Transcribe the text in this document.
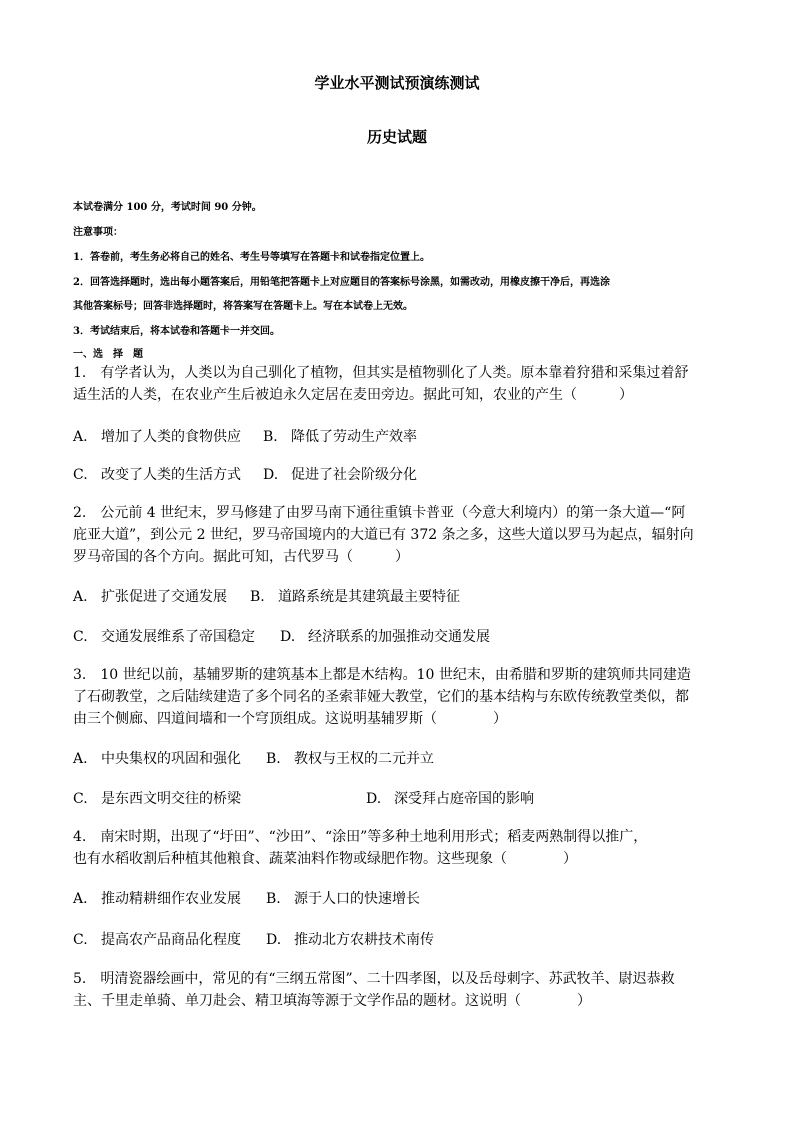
学业水平测试预演练测试
历史试题
本试卷满分 100 分，考试时间 90 分钟。
注意事项：
1．答卷前，考生务必将自己的姓名、考生号等填写在答题卡和试卷指定位置上。
2．回答选择题时，选出每小题答案后，用铅笔把答题卡上对应题目的答案标号涂黑，如需改动，用橡皮擦干净后，再选涂
其他答案标号；回答非选择题时，将答案写在答题卡上。写在本试卷上无效。
3．考试结束后，将本试卷和答题卡一并交回。
一、选　择　题
1.　有学者认为，人类以为自己驯化了植物，但其实是植物驯化了人类。原本靠着狩猎和采集过着舒
适生活的人类，在农业产生后被迫永久定居在麦田旁边。据此可知，农业的产生（　　　）
A. 增加了人类的食物供应 B. 降低了劳动生产效率
C. 改变了人类的生活方式 D. 促进了社会阶级分化
2.　公元前 4 世纪末，罗马修建了由罗马南下通往重镇卡普亚（今意大利境内）的第一条大道—“阿
庇亚大道”，到公元 2 世纪，罗马帝国境内的大道已有 372 条之多，这些大道以罗马为起点，辐射向
罗马帝国的各个方向。据此可知，古代罗马（　　　）
A. 扩张促进了交通发展 B. 道路系统是其建筑最主要特征
C. 交通发展维系了帝国稳定 D. 经济联系的加强推动交通发展
3.　10 世纪以前，基辅罗斯的建筑基本上都是木结构。10 世纪末，由希腊和罗斯的建筑师共同建造
了石砌教堂，之后陆续建造了多个同名的圣索菲娅大教堂，它们的基本结构与东欧传统教堂类似，都
由三个侧廊、四道间墙和一个穹顶组成。这说明基辅罗斯（　　　　）
A. 中央集权的巩固和强化 B. 教权与王权的二元并立
C. 是东西文明交往的桥梁	D. 深受拜占庭帝国的影响
4.　南宋时期，出现了“圩田”、“沙田”、“涂田”等多种土地利用形式；稻麦两熟制得以推广，
也有水稻收割后种植其他粮食、蔬菜油料作物或绿肥作物。这些现象（　　　　）
A. 推动精耕细作农业发展 B. 源于人口的快速增长
C. 提高农产品商品化程度 D. 推动北方农耕技术南传
5.　明清瓷器绘画中，常见的有“三纲五常图”、二十四孝图，以及岳母刺字、苏武牧羊、尉迟恭救
主、千里走单骑、单刀赴会、精卫填海等源于文学作品的题材。这说明（　　　　）
